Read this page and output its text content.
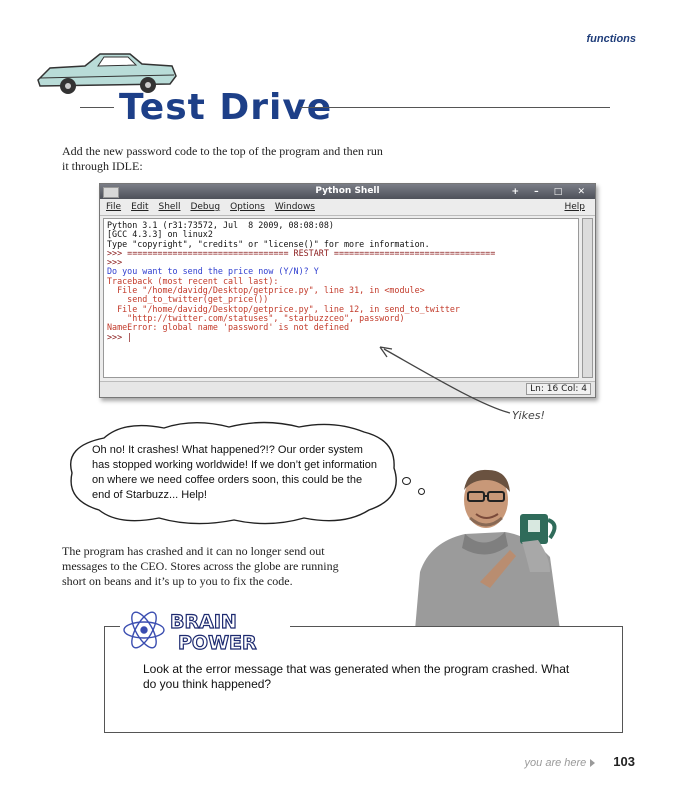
functions
Test Drive
Add the new password code to the top of the program and then run it through IDLE:
Python Shell	+ – □ ✕
File Edit Shell Debug Options Windows	Help
Python 3.1 (r31:73572, Jul  8 2009, 08:08:08)
[GCC 4.3.3] on linux2
Type "copyright", "credits" or "license()" for more information.
>>> ================================ RESTART ================================
>>>
Do you want to send the price now (Y/N)? Y
Traceback (most recent call last):
File "/home/davidg/Desktop/getprice.py", line 31, in <module>
send_to_twitter(get_price())
File "/home/davidg/Desktop/getprice.py", line 12, in send_to_twitter
"http://twitter.com/statuses", "starbuzzceo", password)
NameError: global name 'password' is not defined
>>> |
Ln: 16 Col: 4
Yikes!
Oh no! It crashes! What happened?!? Our order system has stopped working worldwide! If we don’t get information on where we need coffee orders soon, this could be the end of Starbuzz... Help!
The program has crashed and it can no longer send out messages to the CEO. Stores across the globe are running short on beans and it’s up to you to fix the code.
BRAIN
POWER
Look at the error message that was generated when the program crashed. What do you think happened?
you are here 103
